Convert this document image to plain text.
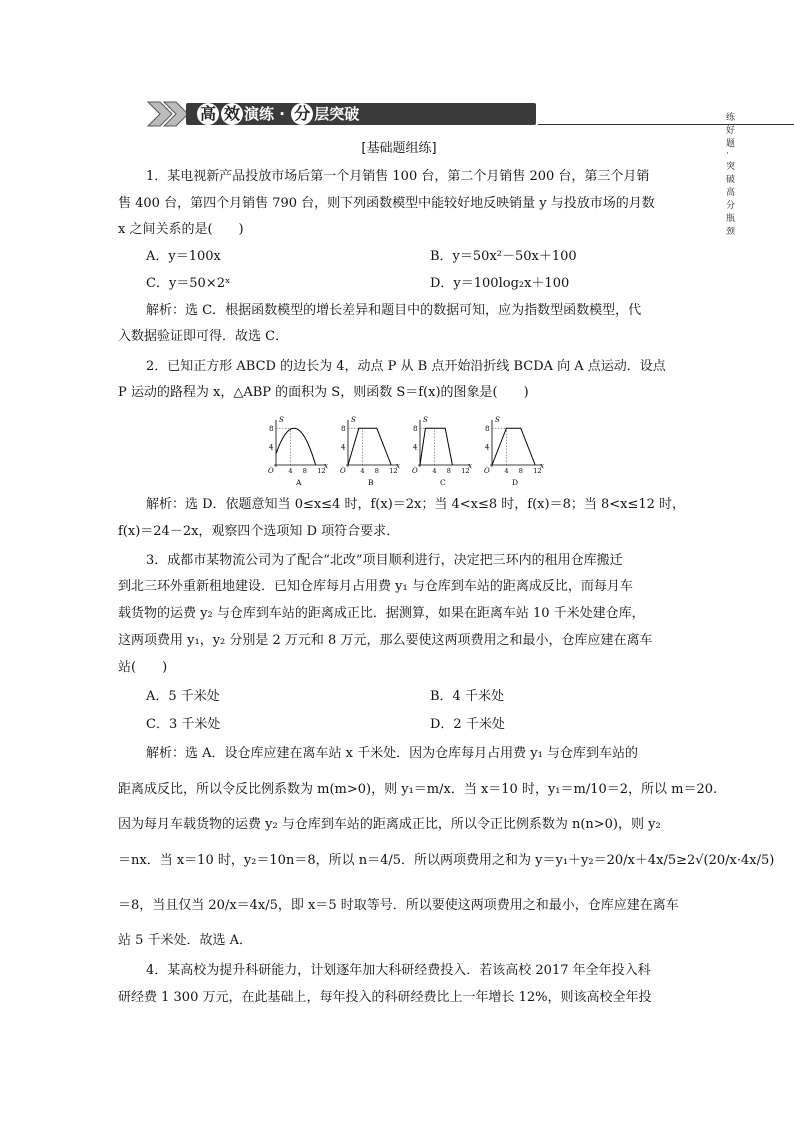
高 效 演练 · 分 层突破	练好题 · 突破高分瓶颈
[基础题组练]
1．某电视新产品投放市场后第一个月销售 100 台，第二个月销售 200 台，第三个月销
售 400 台，第四个月销售 790 台，则下列函数模型中能较好地反映销量 y 与投放市场的月数
x 之间关系的是(　　)
A．y＝100x	B．y＝50x²－50x＋100
C．y＝50×2ˣ	D．y＝100log₂x＋100
解析：选 C．根据函数模型的增长差异和题目中的数据可知，应为指数型函数模型，代
入数据验证即可得．故选 C．
2．已知正方形 ABCD 的边长为 4，动点 P 从 B 点开始沿折线 BCDA 向 A 点运动．设点
P 运动的路程为 x，△ABP 的面积为 S，则函数 S＝f(x)的图象是(　　)
S
x
O
8
4
4 8 12
A
S
x
O
8
4
4 8 12
B
S
x
O
8
4
4 8 12
C
S
x
O
8
4
4 8 12
D
解析：选 D．依题意知当 0≤x≤4 时，f(x)＝2x；当 4<x≤8 时，f(x)＝8；当 8<x≤12 时，
f(x)＝24－2x，观察四个选项知 D 项符合要求．
3．成都市某物流公司为了配合“北改”项目顺利进行，决定把三环内的租用仓库搬迁
到北三环外重新租地建设．已知仓库每月占用费 y₁ 与仓库到车站的距离成反比，而每月车
载货物的运费 y₂ 与仓库到车站的距离成正比．据测算，如果在距离车站 10 千米处建仓库，
这两项费用 y₁，y₂ 分别是 2 万元和 8 万元，那么要使这两项费用之和最小，仓库应建在离车
站(　　)
A．5 千米处	B．4 千米处
C．3 千米处	D．2 千米处
解析：选 A．设仓库应建在离车站 x 千米处．因为仓库每月占用费 y₁ 与仓库到车站的
距离成反比，所以令反比例系数为 m(m>0)，则 y₁＝m/x．当 x＝10 时，y₁＝m/10＝2，所以 m＝20.
因为每月车载货物的运费 y₂ 与仓库到车站的距离成正比，所以令正比例系数为 n(n>0)，则 y₂
＝nx．当 x＝10 时，y₂＝10n＝8，所以 n＝4/5．所以两项费用之和为 y＝y₁＋y₂＝20/x＋4x/5≥2√(20/x·4x/5)
＝8，当且仅当 20/x＝4x/5，即 x＝5 时取等号．所以要使这两项费用之和最小，仓库应建在离车
站 5 千米处．故选 A．
4．某高校为提升科研能力，计划逐年加大科研经费投入．若该高校 2017 年全年投入科
研经费 1 300 万元，在此基础上，每年投入的科研经费比上一年增长 12%，则该高校全年投
